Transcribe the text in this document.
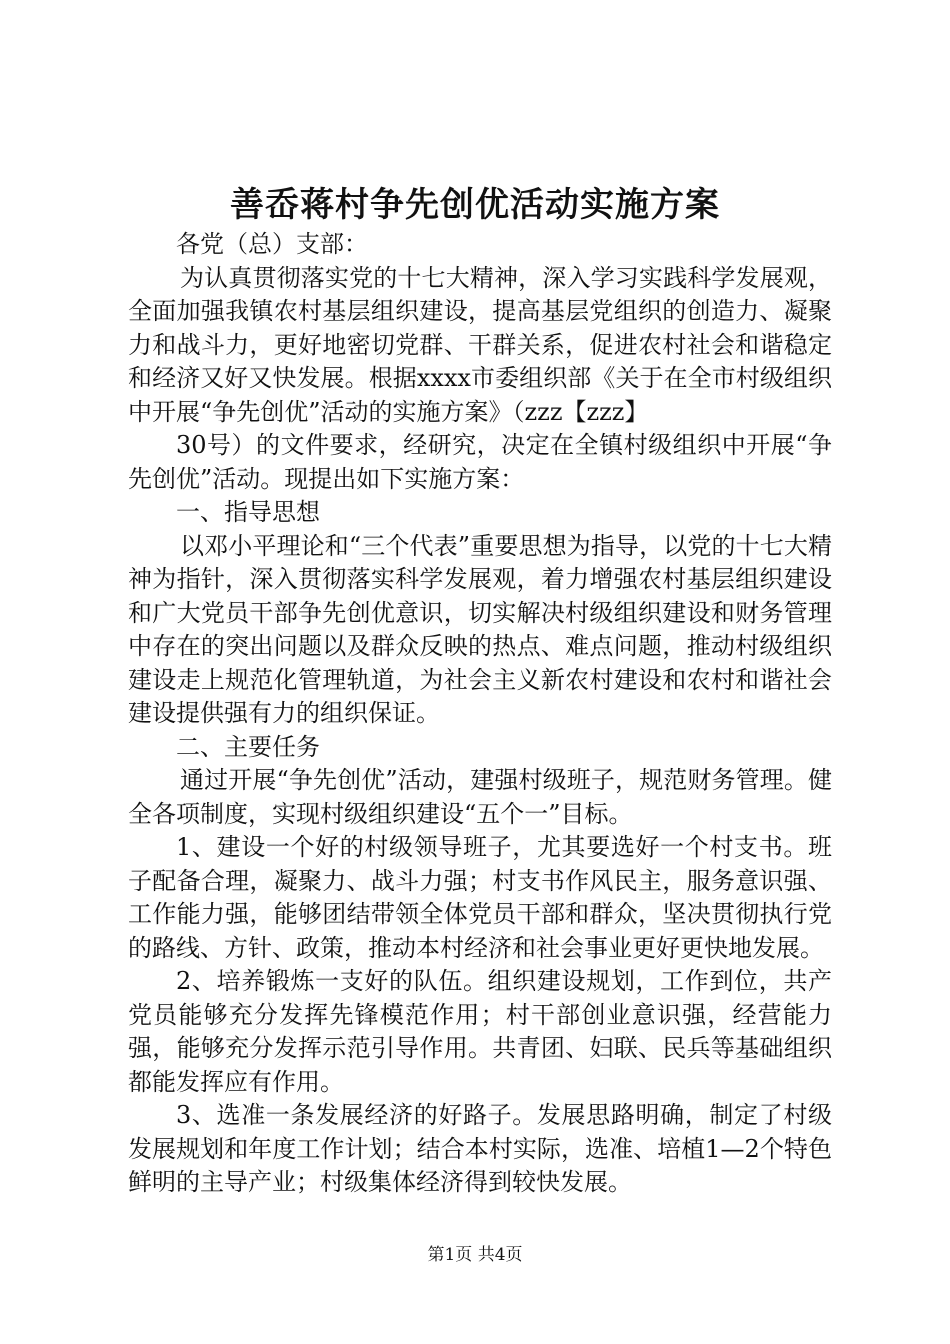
善岙蒋村争先创优活动实施方案

各党（总）支部：

为认真贯彻落实党的十七大精神，深入学习实践科学发展观，全面加强我镇农村基层组织建设，提高基层党组织的创造力、凝聚力和战斗力，更好地密切党群、干群关系，促进农村社会和谐稳定和经济又好又快发展。根据xxxx市委组织部《关于在全市村级组织中开展“争先创优”活动的实施方案》（zzz【zzz】

30号）的文件要求，经研究，决定在全镇村级组织中开展“争先创优”活动。现提出如下实施方案：

一、指导思想

以邓小平理论和“三个代表”重要思想为指导，以党的十七大精神为指针，深入贯彻落实科学发展观，着力增强农村基层组织建设和广大党员干部争先创优意识，切实解决村级组织建设和财务管理中存在的突出问题以及群众反映的热点、难点问题，推动村级组织建设走上规范化管理轨道，为社会主义新农村建设和农村和谐社会建设提供强有力的组织保证。

二、主要任务

通过开展“争先创优”活动，建强村级班子，规范财务管理。健全各项制度，实现村级组织建设“五个一”目标。

1、建设一个好的村级领导班子，尤其要选好一个村支书。班子配备合理，凝聚力、战斗力强；村支书作风民主，服务意识强、工作能力强，能够团结带领全体党员干部和群众，坚决贯彻执行党的路线、方针、政策，推动本村经济和社会事业更好更快地发展。

2、培养锻炼一支好的队伍。组织建设规划，工作到位，共产党员能够充分发挥先锋模范作用；村干部创业意识强，经营能力强，能够充分发挥示范引导作用。共青团、妇联、民兵等基础组织都能发挥应有作用。

3、选准一条发展经济的好路子。发展思路明确，制定了村级发展规划和年度工作计划；结合本村实际，选准、培植1—2个特色鲜明的主导产业；村级集体经济得到较快发展。

第1页 共4页
